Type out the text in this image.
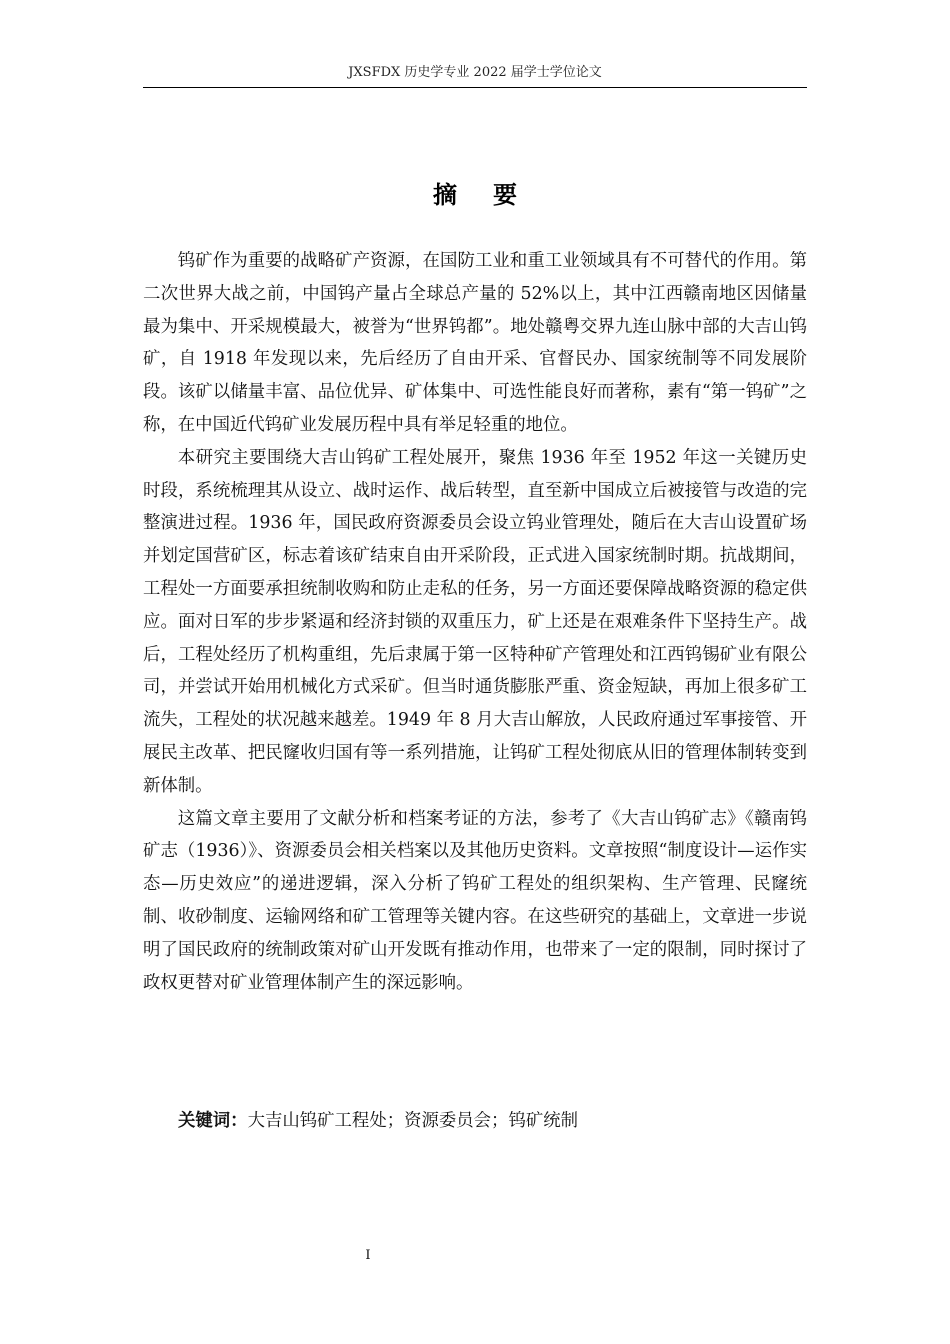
JXSFDX 历史学专业 2022 届学士学位论文
摘要

钨矿作为重要的战略矿产资源，在国防工业和重工业领域具有不可替代的作用。第二次世界大战之前，中国钨产量占全球总产量的 52%以上，其中江西赣南地区因储量最为集中、开采规模最大，被誉为“世界钨都”。地处赣粤交界九连山脉中部的大吉山钨矿，自 1918 年发现以来，先后经历了自由开采、官督民办、国家统制等不同发展阶段。该矿以储量丰富、品位优异、矿体集中、可选性能良好而著称，素有“第一钨矿”之称，在中国近代钨矿业发展历程中具有举足轻重的地位。

本研究主要围绕大吉山钨矿工程处展开，聚焦 1936 年至 1952 年这一关键历史时段，系统梳理其从设立、战时运作、战后转型，直至新中国成立后被接管与改造的完整演进过程。1936 年，国民政府资源委员会设立钨业管理处，随后在大吉山设置矿场并划定国营矿区，标志着该矿结束自由开采阶段，正式进入国家统制时期。抗战期间，工程处一方面要承担统制收购和防止走私的任务，另一方面还要保障战略资源的稳定供应。面对日军的步步紧逼和经济封锁的双重压力，矿上还是在艰难条件下坚持生产。战后，工程处经历了机构重组，先后隶属于第一区特种矿产管理处和江西钨锡矿业有限公司，并尝试开始用机械化方式采矿。但当时通货膨胀严重、资金短缺，再加上很多矿工流失，工程处的状况越来越差。1949 年 8 月大吉山解放，人民政府通过军事接管、开展民主改革、把民窿收归国有等一系列措施，让钨矿工程处彻底从旧的管理体制转变到新体制。

这篇文章主要用了文献分析和档案考证的方法，参考了《大吉山钨矿志》《赣南钨矿志（1936）》、资源委员会相关档案以及其他历史资料。文章按照“制度设计—运作实态—历史效应”的递进逻辑，深入分析了钨矿工程处的组织架构、生产管理、民窿统制、收砂制度、运输网络和矿工管理等关键内容。在这些研究的基础上，文章进一步说明了国民政府的统制政策对矿山开发既有推动作用，也带来了一定的限制，同时探讨了政权更替对矿业管理体制产生的深远影响。

关键词：大吉山钨矿工程处；资源委员会；钨矿统制
I
